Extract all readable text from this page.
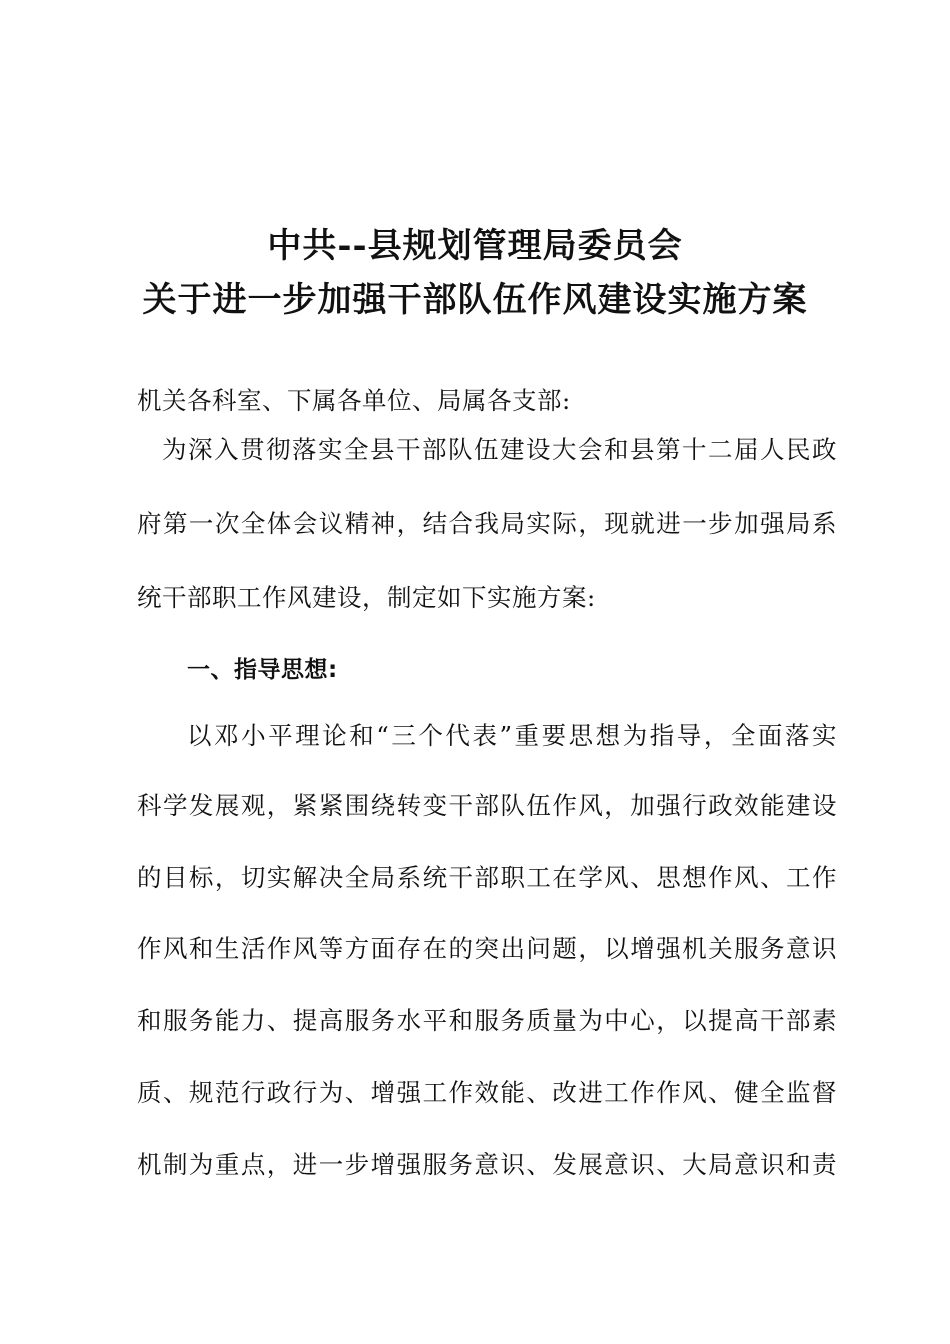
中共--县规划管理局委员会
关于进一步加强干部队伍作风建设实施方案
机关各科室、下属各单位、局属各支部:
为深入贯彻落实全县干部队伍建设大会和县第十二届人民政
府第一次全体会议精神，结合我局实际，现就进一步加强局系
统干部职工作风建设，制定如下实施方案:
一、指导思想:
以邓小平理论和“三个代表”重要思想为指导，全面落实
科学发展观，紧紧围绕转变干部队伍作风，加强行政效能建设
的目标，切实解决全局系统干部职工在学风、思想作风、工作
作风和生活作风等方面存在的突出问题，以增强机关服务意识
和服务能力、提高服务水平和服务质量为中心，以提高干部素
质、规范行政行为、增强工作效能、改进工作作风、健全监督
机制为重点，进一步增强服务意识、发展意识、大局意识和责
